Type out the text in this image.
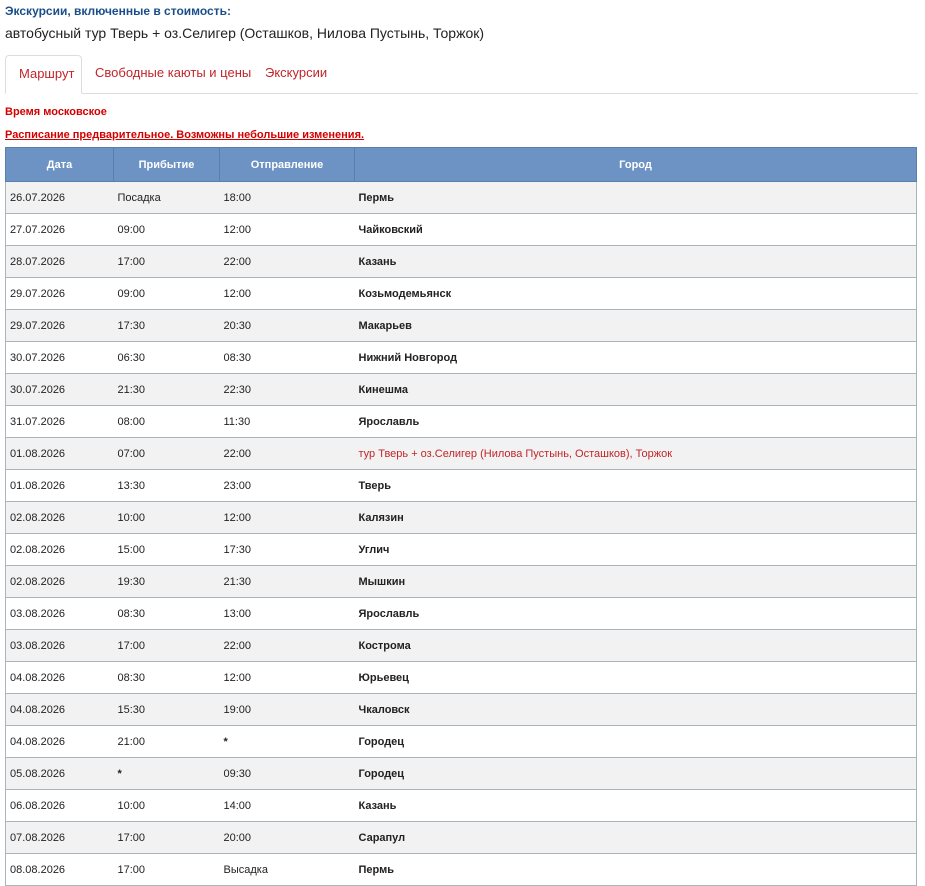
Экскурсии, включенные в стоимость:
автобусный тур Тверь + оз.Селигер (Осташков, Нилова Пустынь, Торжок)
Маршрут	Свободные каюты и цены	Экскурсии
Время московское
Расписание предварительное. Возможны небольшие изменения.
Дата	Прибытие	Отправление	Город
26.07.2026	Посадка	18:00	Пермь
27.07.2026	09:00	12:00	Чайковский
28.07.2026	17:00	22:00	Казань
29.07.2026	09:00	12:00	Козьмодемьянск
29.07.2026	17:30	20:30	Макарьев
30.07.2026	06:30	08:30	Нижний Новгород
30.07.2026	21:30	22:30	Кинешма
31.07.2026	08:00	11:30	Ярославль
01.08.2026	07:00	22:00	тур Тверь + оз.Селигер (Нилова Пустынь, Осташков), Торжок
01.08.2026	13:30	23:00	Тверь
02.08.2026	10:00	12:00	Калязин
02.08.2026	15:00	17:30	Углич
02.08.2026	19:30	21:30	Мышкин
03.08.2026	08:30	13:00	Ярославль
03.08.2026	17:00	22:00	Кострома
04.08.2026	08:30	12:00	Юрьевец
04.08.2026	15:30	19:00	Чкаловск
04.08.2026	21:00	*	Городец
05.08.2026	*	09:30	Городец
06.08.2026	10:00	14:00	Казань
07.08.2026	17:00	20:00	Сарапул
08.08.2026	17:00	Высадка	Пермь
